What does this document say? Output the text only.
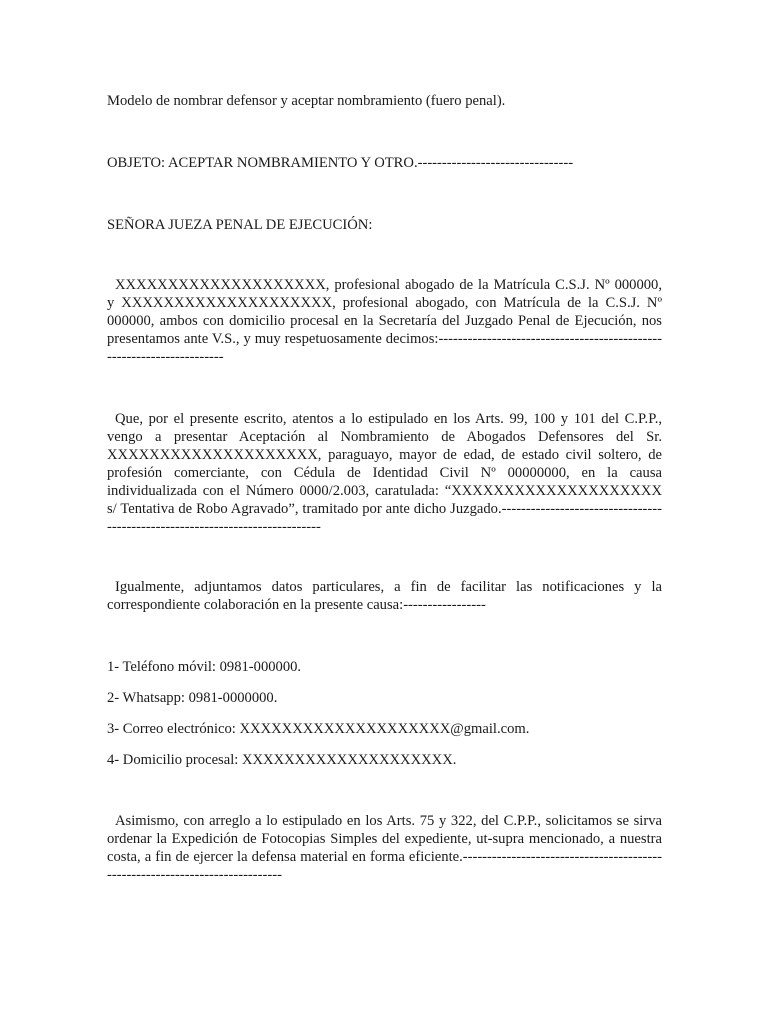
Modelo de nombrar defensor y aceptar nombramiento (fuero penal).
OBJETO: ACEPTAR NOMBRAMIENTO Y OTRO.--------------------------------
SEÑORA JUEZA PENAL DE EJECUCIÓN:
XXXXXXXXXXXXXXXXXXXX, profesional abogado de la Matrícula C.S.J. Nº 000000, y XXXXXXXXXXXXXXXXXXXX, profesional abogado, con Matrícula de la C.S.J. Nº 000000, ambos con domicilio procesal en la Secretaría del Juzgado Penal de Ejecución, nos presentamos ante V.S., y muy respetuosamente decimos:----------------------------------------------------------------------
Que, por el presente escrito, atentos a lo estipulado en los Arts. 99, 100 y 101 del C.P.P., vengo a presentar Aceptación al Nombramiento de Abogados Defensores del Sr. XXXXXXXXXXXXXXXXXXXX, paraguayo, mayor de edad, de estado civil soltero, de profesión comerciante, con Cédula de Identidad Civil Nº 00000000, en la causa individualizada con el Número 0000/2.003, caratulada: “XXXXXXXXXXXXXXXXXXXX s/ Tentativa de Robo Agravado”, tramitado por ante dicho Juzgado.-----------------------------------------------------------------------------
Igualmente, adjuntamos datos particulares, a fin de facilitar las notificaciones y la correspondiente colaboración en la presente causa:-----------------
1- Teléfono móvil: 0981-000000.
2- Whatsapp: 0981-0000000.
3- Correo electrónico: XXXXXXXXXXXXXXXXXXXX@gmail.com.
4- Domicilio procesal: XXXXXXXXXXXXXXXXXXXX.
Asimismo, con arreglo a lo estipulado en los Arts. 75 y 322, del C.P.P., solicitamos se sirva ordenar la Expedición de Fotocopias Simples del expediente, ut-supra mencionado, a nuestra costa, a fin de ejercer la defensa material en forma eficiente.-----------------------------------------------------------------------------
